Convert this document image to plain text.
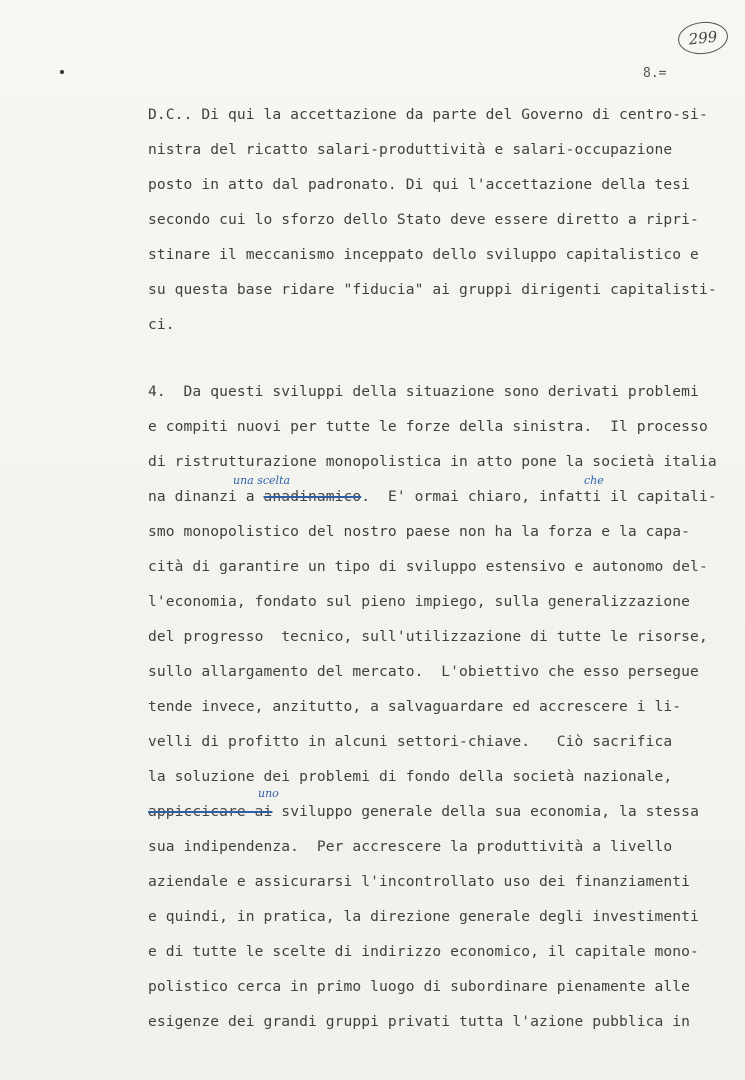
299
8.=
D.C.. Di qui la accettazione da parte del Governo di centro-si-
nistra del ricatto salari-produttività e salari-occupazione
posto in atto dal padronato. Di qui l'accettazione della tesi
secondo cui lo sforzo dello Stato deve essere diretto a ripri-
stinare il meccanismo inceppato dello sviluppo capitalistico e
su questa base ridare "fiducia" ai gruppi dirigenti capitalisti-
ci.
4.  Da questi sviluppi della situazione sono derivati problemi
e compiti nuovi per tutte le forze della sinistra.  Il processo
di ristrutturazione monopolistica in atto pone la società italia
una scelta	che
na dinanzi a anadinamico.  E' ormai chiaro, infatti il capitali-
smo monopolistico del nostro paese non ha la forza e la capa-
cità di garantire un tipo di sviluppo estensivo e autonomo del-
l'economia, fondato sul pieno impiego, sulla generalizzazione
del progresso  tecnico, sull'utilizzazione di tutte le risorse,
sullo allargamento del mercato.  L'obiettivo che esso persegue
tende invece, anzitutto, a salvaguardare ed accrescere i li-
velli di profitto in alcuni settori-chiave.   Ciò sacrifica
la soluzione dei problemi di fondo della società nazionale,
uno
appiccicare ai sviluppo generale della sua economia, la stessa
sua indipendenza.  Per accrescere la produttività a livello
aziendale e assicurarsi l'incontrollato uso dei finanziamenti
e quindi, in pratica, la direzione generale degli investimenti
e di tutte le scelte di indirizzo economico, il capitale mono-
polistico cerca in primo luogo di subordinare pienamente alle
esigenze dei grandi gruppi privati tutta l'azione pubblica in
